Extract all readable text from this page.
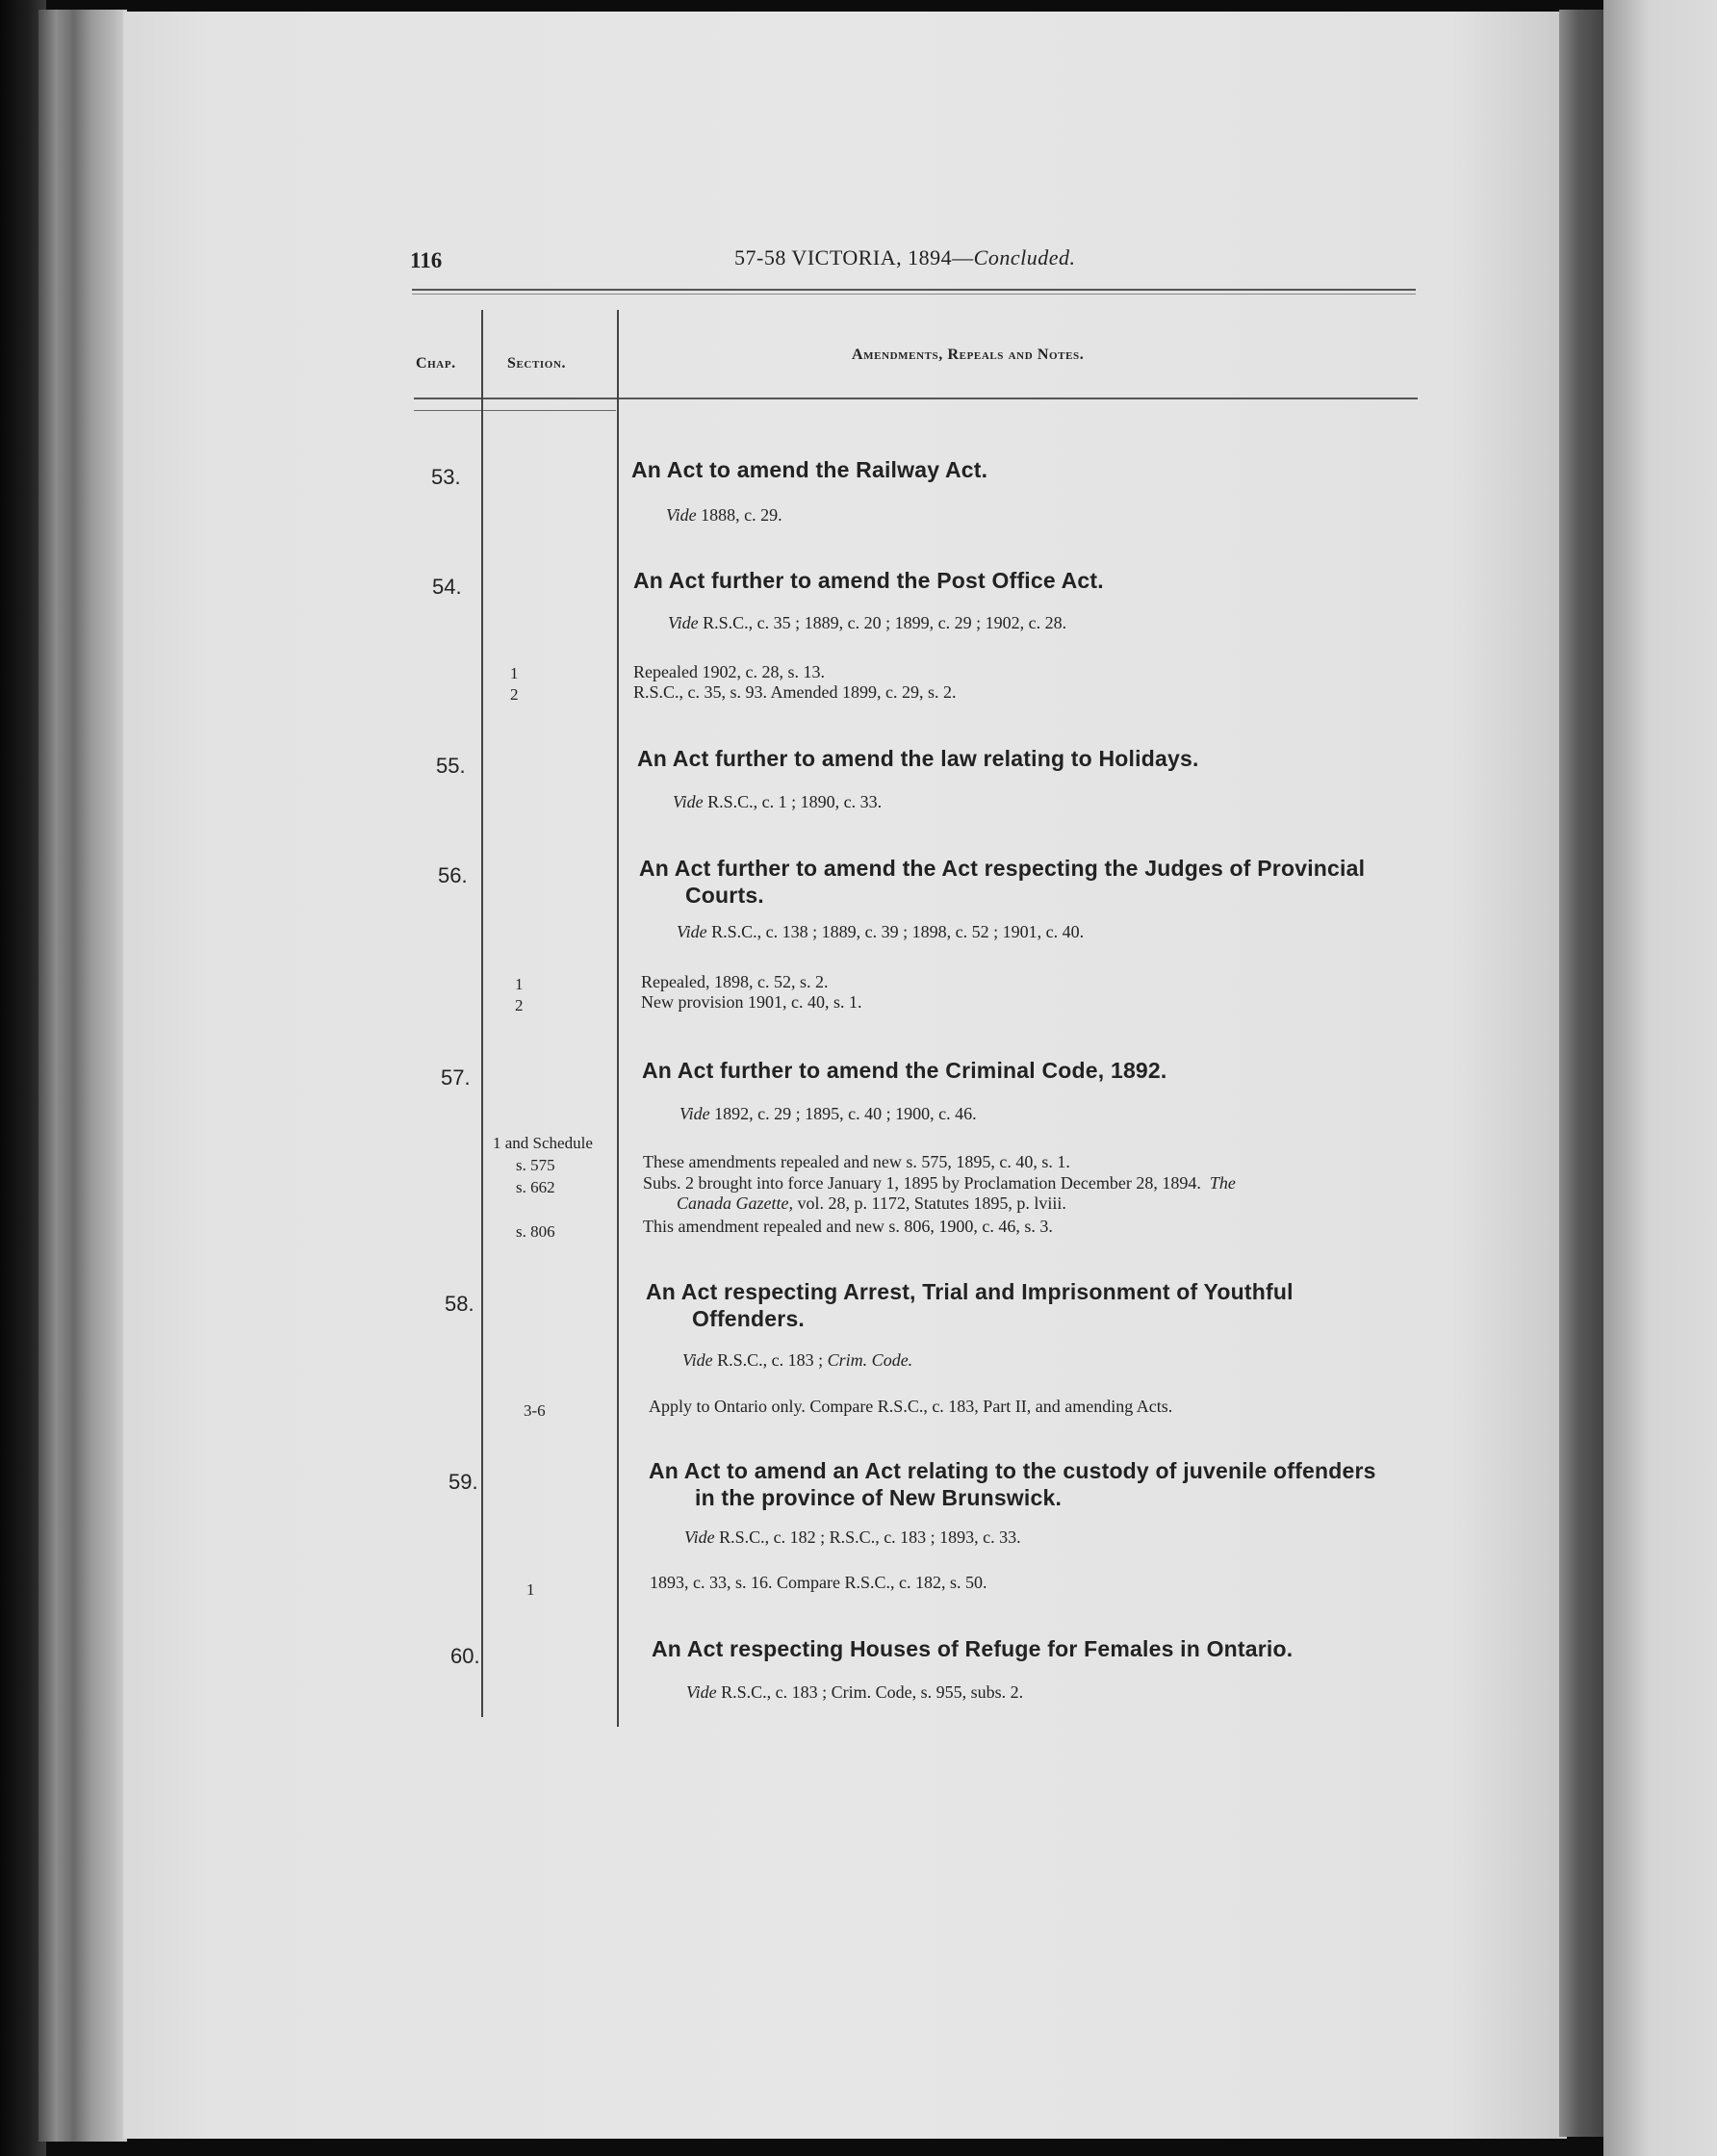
116	57-58 VICTORIA, 1894—Concluded.
Chap.	Section.
Amendments, Repeals and Notes.
53.	An Act to amend the Railway Act.
Vide 1888, c. 29.
54.	An Act further to amend the Post Office Act.
Vide R.S.C., c. 35 ; 1889, c. 20 ; 1899, c. 29 ; 1902, c. 28.
1	Repealed 1902, c. 28, s. 13.
2	R.S.C., c. 35, s. 93. Amended 1899, c. 29, s. 2.
55.	An Act further to amend the law relating to Holidays.
Vide R.S.C., c. 1 ; 1890, c. 33.
56.	An Act further to amend the Act respecting the Judges of Provincial
Courts.
Vide R.S.C., c. 138 ; 1889, c. 39 ; 1898, c. 52 ; 1901, c. 40.
1	Repealed, 1898, c. 52, s. 2.
2	New provision 1901, c. 40, s. 1.
57.	An Act further to amend the Criminal Code, 1892.
Vide 1892, c. 29 ; 1895, c. 40 ; 1900, c. 46.
1 and Schedule
s. 575	These amendments repealed and new s. 575, 1895, c. 40, s. 1.
s. 662	Subs. 2 brought into force January 1, 1895 by Proclamation December 28, 1894. The
Canada Gazette, vol. 28, p. 1172, Statutes 1895, p. lviii.
s. 806	This amendment repealed and new s. 806, 1900, c. 46, s. 3.
58.	An Act respecting Arrest, Trial and Imprisonment of Youthful
Offenders.
Vide R.S.C., c. 183 ; Crim. Code.
3-6	Apply to Ontario only. Compare R.S.C., c. 183, Part II, and amending Acts.
59.	An Act to amend an Act relating to the custody of juvenile offenders
in the province of New Brunswick.
Vide R.S.C., c. 182 ; R.S.C., c. 183 ; 1893, c. 33.
1	1893, c. 33, s. 16. Compare R.S.C., c. 182, s. 50.
60.	An Act respecting Houses of Refuge for Females in Ontario.
Vide R.S.C., c. 183 ; Crim. Code, s. 955, subs. 2.
